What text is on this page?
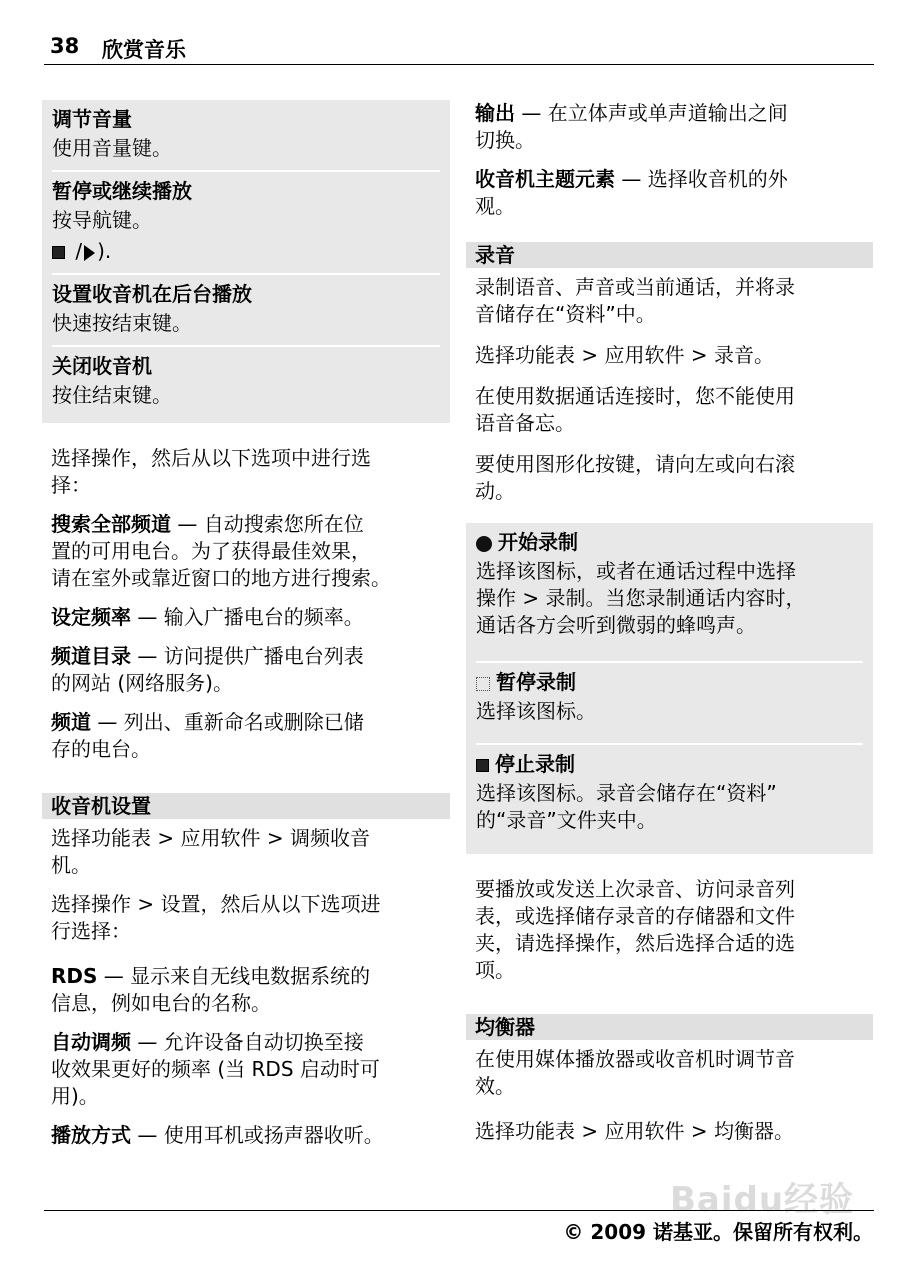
38 欣赏音乐
调节音量
使用音量键。
暂停或继续播放
按导航键。
/ ).
设置收音机在后台播放
快速按结束键。
关闭收音机
按住结束键。
选择操作，然后从以下选项中进行选
择：
搜索全部频道 — 自动搜索您所在位
置的可用电台。为了获得最佳效果，
请在室外或靠近窗口的地方进行搜索。
设定频率 — 输入广播电台的频率。
频道目录 — 访问提供广播电台列表
的网站 (网络服务)。
频道 — 列出、重新命名或删除已储
存的电台。
收音机设置
选择功能表 > 应用软件 > 调频收音
机。
选择操作 > 设置，然后从以下选项进
行选择：
RDS — 显示来自无线电数据系统的
信息，例如电台的名称。
自动调频 — 允许设备自动切换至接
收效果更好的频率 (当 RDS 启动时可
用)。
播放方式 — 使用耳机或扬声器收听。
输出 — 在立体声或单声道输出之间
切换。
收音机主题元素 — 选择收音机的外
观。
录音
录制语音、声音或当前通话，并将录
音储存在“资料”中。
选择功能表 > 应用软件 > 录音。
在使用数据通话连接时，您不能使用
语音备忘。
要使用图形化按键，请向左或向右滚
动。
开始录制
选择该图标，或者在通话过程中选择
操作 > 录制。当您录制通话内容时，
通话各方会听到微弱的蜂鸣声。
暂停录制
选择该图标。
停止录制
选择该图标。录音会储存在“资料”
的“录音”文件夹中。
要播放或发送上次录音、访问录音列
表，或选择储存录音的存储器和文件
夹，请选择操作，然后选择合适的选
项。
均衡器
在使用媒体播放器或收音机时调节音
效。
选择功能表 > 应用软件 > 均衡器。
Baidu经验
© 2009 诺基亚。保留所有权利。
